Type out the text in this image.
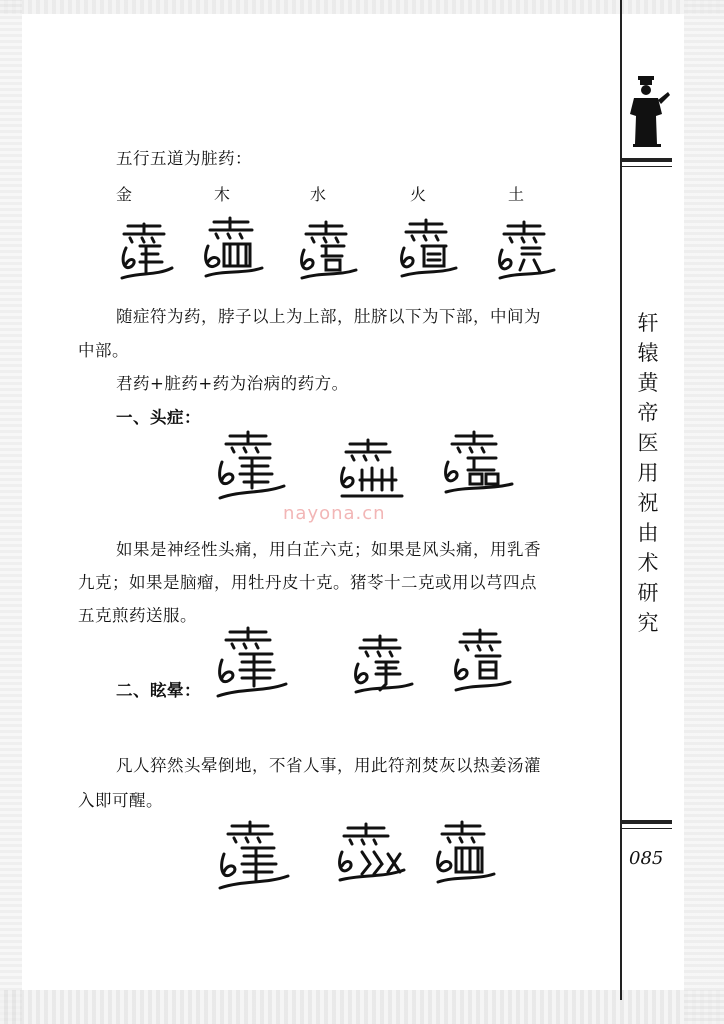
轩
辕
黄
帝
医
用
祝
由
术
研
究
085
五行五道为脏药：
金	木	水	火	土
随症符为药，脖子以上为上部，肚脐以下为下部，中间为
中部。
君药+脏药+药为治病的药方。
一、头症：
nayona.cn
如果是神经性头痛，用白芷六克；如果是风头痛，用乳香
九克；如果是脑瘤，用牡丹皮十克。猪苓十二克或用以芎四点
五克煎药送服。
二、眩晕：
凡人猝然头晕倒地，不省人事，用此符剂焚灰以热姜汤灌
入即可醒。
